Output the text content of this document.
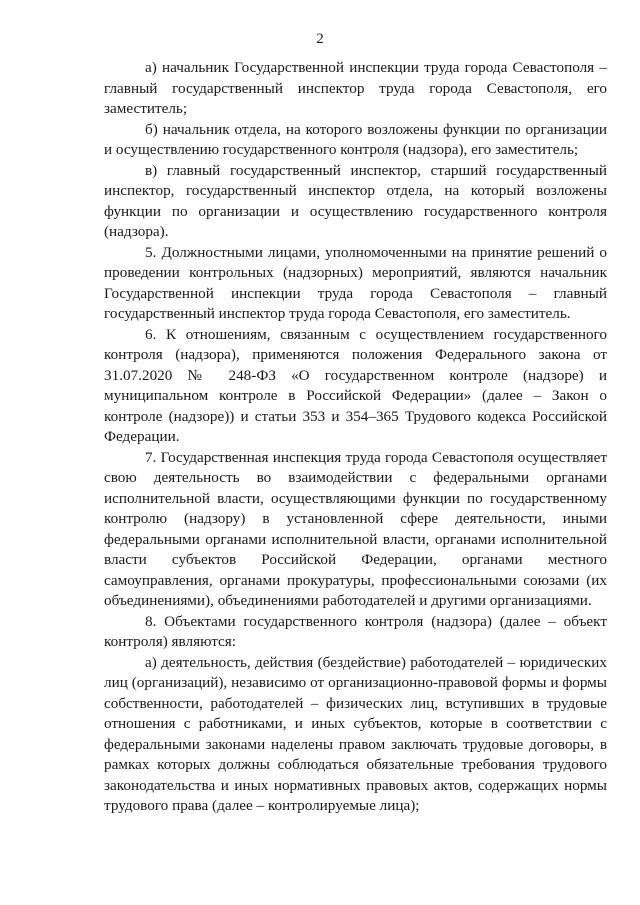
2

а) начальник Государственной инспекции труда города Севастополя – главный государственный инспектор труда города Севастополя, его заместитель;

б) начальник отдела, на которого возложены функции по организации и осуществлению государственного контроля (надзора), его заместитель;

в) главный государственный инспектор, старший государственный инспектор, государственный инспектор отдела, на который возложены функции по организации и осуществлению государственного контроля (надзора).

5. Должностными лицами, уполномоченными на принятие решений о проведении контрольных (надзорных) мероприятий, являются начальник Государственной инспекции труда города Севастополя – главный государственный инспектор труда города Севастополя, его заместитель.

6. К отношениям, связанным с осуществлением государственного контроля (надзора), применяются положения Федерального закона от 31.07.2020 № 248-ФЗ «О государственном контроле (надзоре) и муниципальном контроле в Российской Федерации» (далее – Закон о контроле (надзоре)) и статьи 353 и 354–365 Трудового кодекса Российской Федерации.

7. Государственная инспекция труда города Севастополя осуществляет свою деятельность во взаимодействии с федеральными органами исполнительной власти, осуществляющими функции по государственному контролю (надзору) в установленной сфере деятельности, иными федеральными органами исполнительной власти, органами исполнительной власти субъектов Российской Федерации, органами местного самоуправления, органами прокуратуры, профессиональными союзами (их объединениями), объединениями работодателей и другими организациями.

8. Объектами государственного контроля (надзора) (далее – объект контроля) являются:

а) деятельность, действия (бездействие) работодателей – юридических лиц (организаций), независимо от организационно-правовой формы и формы собственности, работодателей – физических лиц, вступивших в трудовые отношения с работниками, и иных субъектов, которые в соответствии с федеральными законами наделены правом заключать трудовые договоры, в рамках которых должны соблюдаться обязательные требования трудового законодательства и иных нормативных правовых актов, содержащих нормы трудового права (далее – контролируемые лица);
